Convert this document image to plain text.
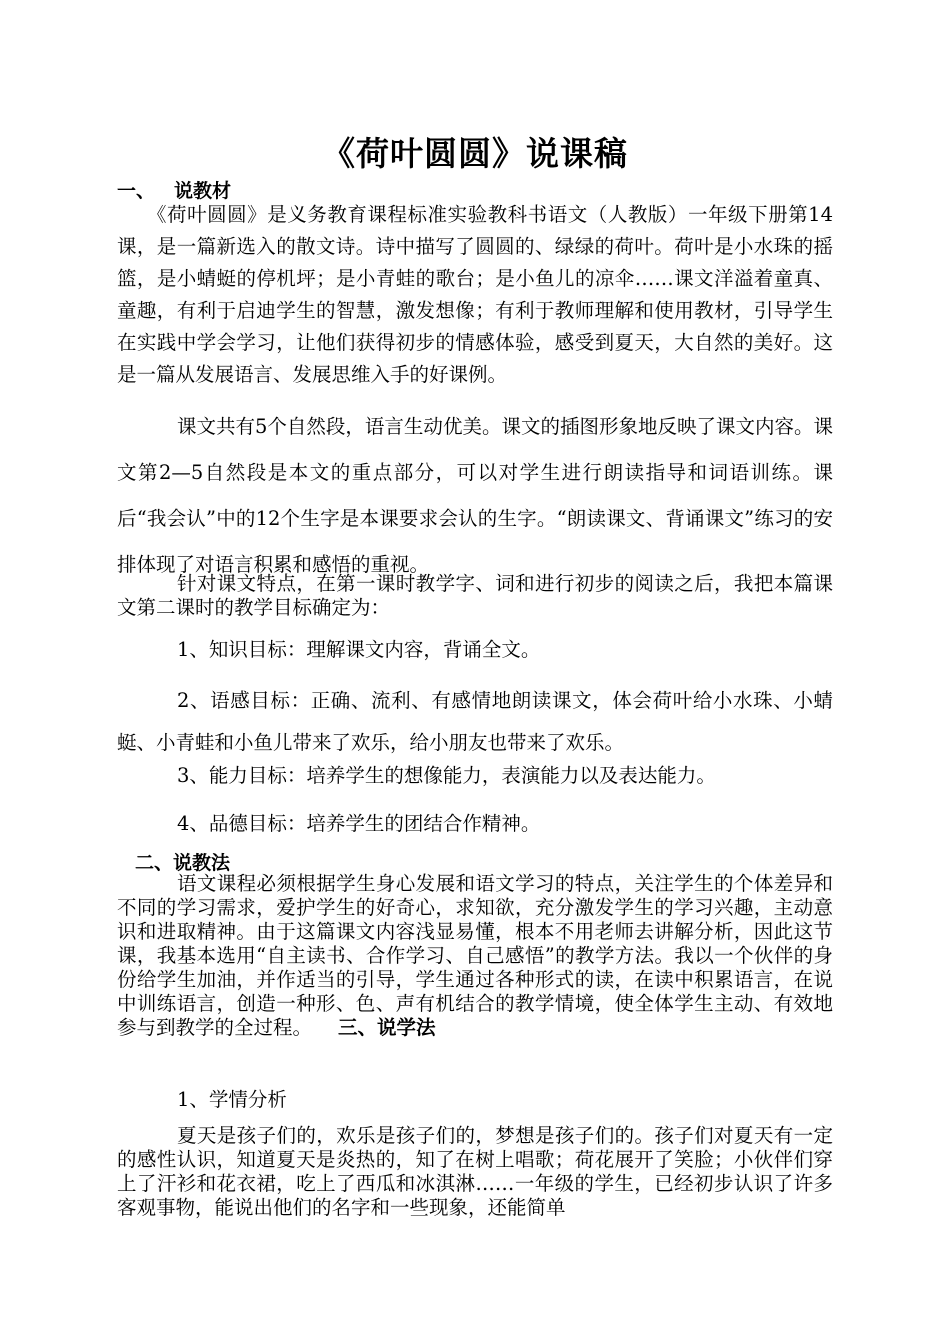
《荷叶圆圆》说课稿
一、 说教材
《荷叶圆圆》是义务教育课程标准实验教科书语文（人教版）一年级下册第14课，是一篇新选入的散文诗。诗中描写了圆圆的、绿绿的荷叶。荷叶是小水珠的摇篮，是小蜻蜓的停机坪；是小青蛙的歌台；是小鱼儿的凉伞……课文洋溢着童真、童趣，有利于启迪学生的智慧，激发想像；有利于教师理解和使用教材，引导学生在实践中学会学习，让他们获得初步的情感体验，感受到夏天，大自然的美好。这是一篇从发展语言、发展思维入手的好课例。
课文共有5个自然段，语言生动优美。课文的插图形象地反映了课文内容。课文第2—5自然段是本文的重点部分，可以对学生进行朗读指导和词语训练。课后“我会认”中的12个生字是本课要求会认的生字。“朗读课文、背诵课文”练习的安排体现了对语言积累和感悟的重视。
针对课文特点，在第一课时教学字、词和进行初步的阅读之后，我把本篇课文第二课时的教学目标确定为：
1、知识目标：理解课文内容，背诵全文。
2、语感目标：正确、流利、有感情地朗读课文，体会荷叶给小水珠、小蜻蜓、小青蛙和小鱼儿带来了欢乐，给小朋友也带来了欢乐。
3、能力目标：培养学生的想像能力，表演能力以及表达能力。
4、品德目标：培养学生的团结合作精神。
二、说教法
语文课程必须根据学生身心发展和语文学习的特点，关注学生的个体差异和不同的学习需求，爱护学生的好奇心，求知欲，充分激发学生的学习兴趣，主动意识和进取精神。由于这篇课文内容浅显易懂，根本不用老师去讲解分析，因此这节课，我基本选用“自主读书、合作学习、自己感悟”的教学方法。我以一个伙伴的身份给学生加油，并作适当的引导，学生通过各种形式的读，在读中积累语言，在说中训练语言，创造一种形、色、声有机结合的教学情境，使全体学生主动、有效地参与到教学的全过程。 三、说学法
1、学情分析
夏天是孩子们的，欢乐是孩子们的，梦想是孩子们的。孩子们对夏天有一定的感性认识，知道夏天是炎热的，知了在树上唱歌；荷花展开了笑脸；小伙伴们穿上了汗衫和花衣裙，吃上了西瓜和冰淇淋……一年级的学生，已经初步认识了许多客观事物，能说出他们的名字和一些现象，还能简单
